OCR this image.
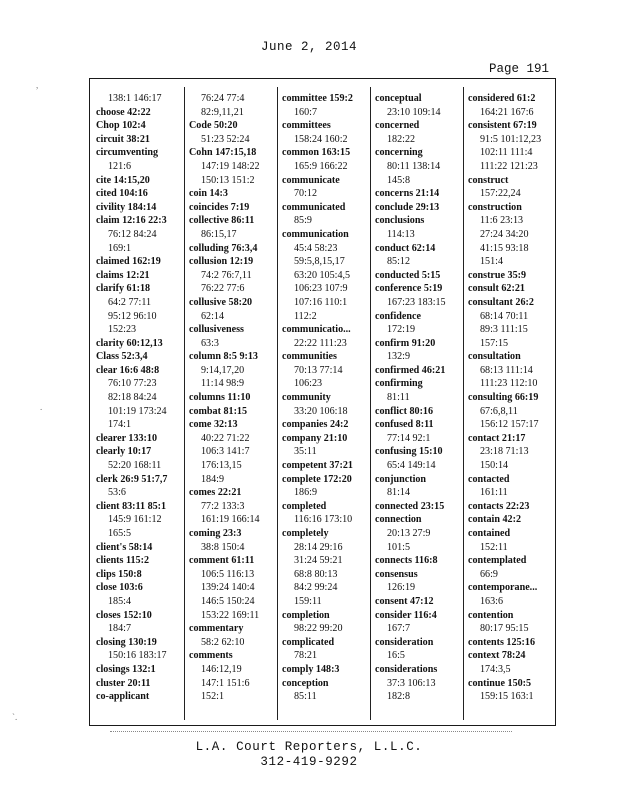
June 2, 2014
Page 191
138:1 146:17
choose 42:22
Chop 102:4
circuit 38:21
circumventing
121:6
cite 14:15,20
cited 104:16
civility 184:14
claim 12:16 22:3
76:12 84:24
169:1
claimed 162:19
claims 12:21
clarify 61:18
64:2 77:11
95:12 96:10
152:23
clarity 60:12,13
Class 52:3,4
clear 16:6 48:8
76:10 77:23
82:18 84:24
101:19 173:24
174:1
clearer 133:10
clearly 10:17
52:20 168:11
clerk 26:9 51:7,7
53:6
client 83:11 85:1
145:9 161:12
165:5
client's 58:14
clients 115:2
clips 150:8
close 103:6
185:4
closes 152:10
184:7
closing 130:19
150:16 183:17
closings 132:1
cluster 20:11
co-applicant
76:24 77:4
82:9,11,21
Code 50:20
51:23 52:24
Cohn 147:15,18
147:19 148:22
150:13 151:2
coin 14:3
coincides 7:19
collective 86:11
86:15,17
colluding 76:3,4
collusion 12:19
74:2 76:7,11
76:22 77:6
collusive 58:20
62:14
collusiveness
63:3
column 8:5 9:13
9:14,17,20
11:14 98:9
columns 11:10
combat 81:15
come 32:13
40:22 71:22
106:3 141:7
176:13,15
184:9
comes 22:21
77:2 133:3
161:19 166:14
coming 23:3
38:8 150:4
comment 61:11
106:5 116:13
139:24 140:4
146:5 150:24
153:22 169:11
commentary
58:2 62:10
comments
146:12,19
147:1 151:6
152:1
committee 159:2
160:7
committees
158:24 160:2
common 163:15
165:9 166:22
communicate
70:12
communicated
85:9
communication
45:4 58:23
59:5,8,15,17
63:20 105:4,5
106:23 107:9
107:16 110:1
112:2
communicatio...
22:22 111:23
communities
70:13 77:14
106:23
community
33:20 106:18
companies 24:2
company 21:10
35:11
competent 37:21
complete 172:20
186:9
completed
116:16 173:10
completely
28:14 29:16
31:24 59:21
68:8 80:13
84:2 99:24
159:11
completion
98:22 99:20
complicated
78:21
comply 148:3
conception
85:11
conceptual
23:10 109:14
concerned
182:22
concerning
80:11 138:14
145:8
concerns 21:14
conclude 29:13
conclusions
114:13
conduct 62:14
85:12
conducted 5:15
conference 5:19
167:23 183:15
confidence
172:19
confirm 91:20
132:9
confirmed 46:21
confirming
81:11
conflict 80:16
confused 8:11
77:14 92:1
confusing 15:10
65:4 149:14
conjunction
81:14
connected 23:15
connection
20:13 27:9
101:5
connects 116:8
consensus
126:19
consent 47:12
consider 116:4
167:7
consideration
16:5
considerations
37:3 106:13
182:8
considered 61:2
164:21 167:6
consistent 67:19
91:5 101:12,23
102:11 111:4
111:22 121:23
construct
157:22,24
construction
11:6 23:13
27:24 34:20
41:15 93:18
151:4
construe 35:9
consult 62:21
consultant 26:2
68:14 70:11
89:3 111:15
157:15
consultation
68:13 111:14
111:23 112:10
consulting 66:19
67:6,8,11
156:12 157:17
contact 21:17
23:18 71:13
150:14
contacted
161:11
contacts 22:23
contain 42:2
contained
152:11
contemplated
66:9
contemporane...
163:6
contention
80:17 95:15
contents 125:16
context 78:24
174:3,5
continue 150:5
159:15 163:1
L.A. Court Reporters, L.L.C.
312-419-9292
,
.
`.
